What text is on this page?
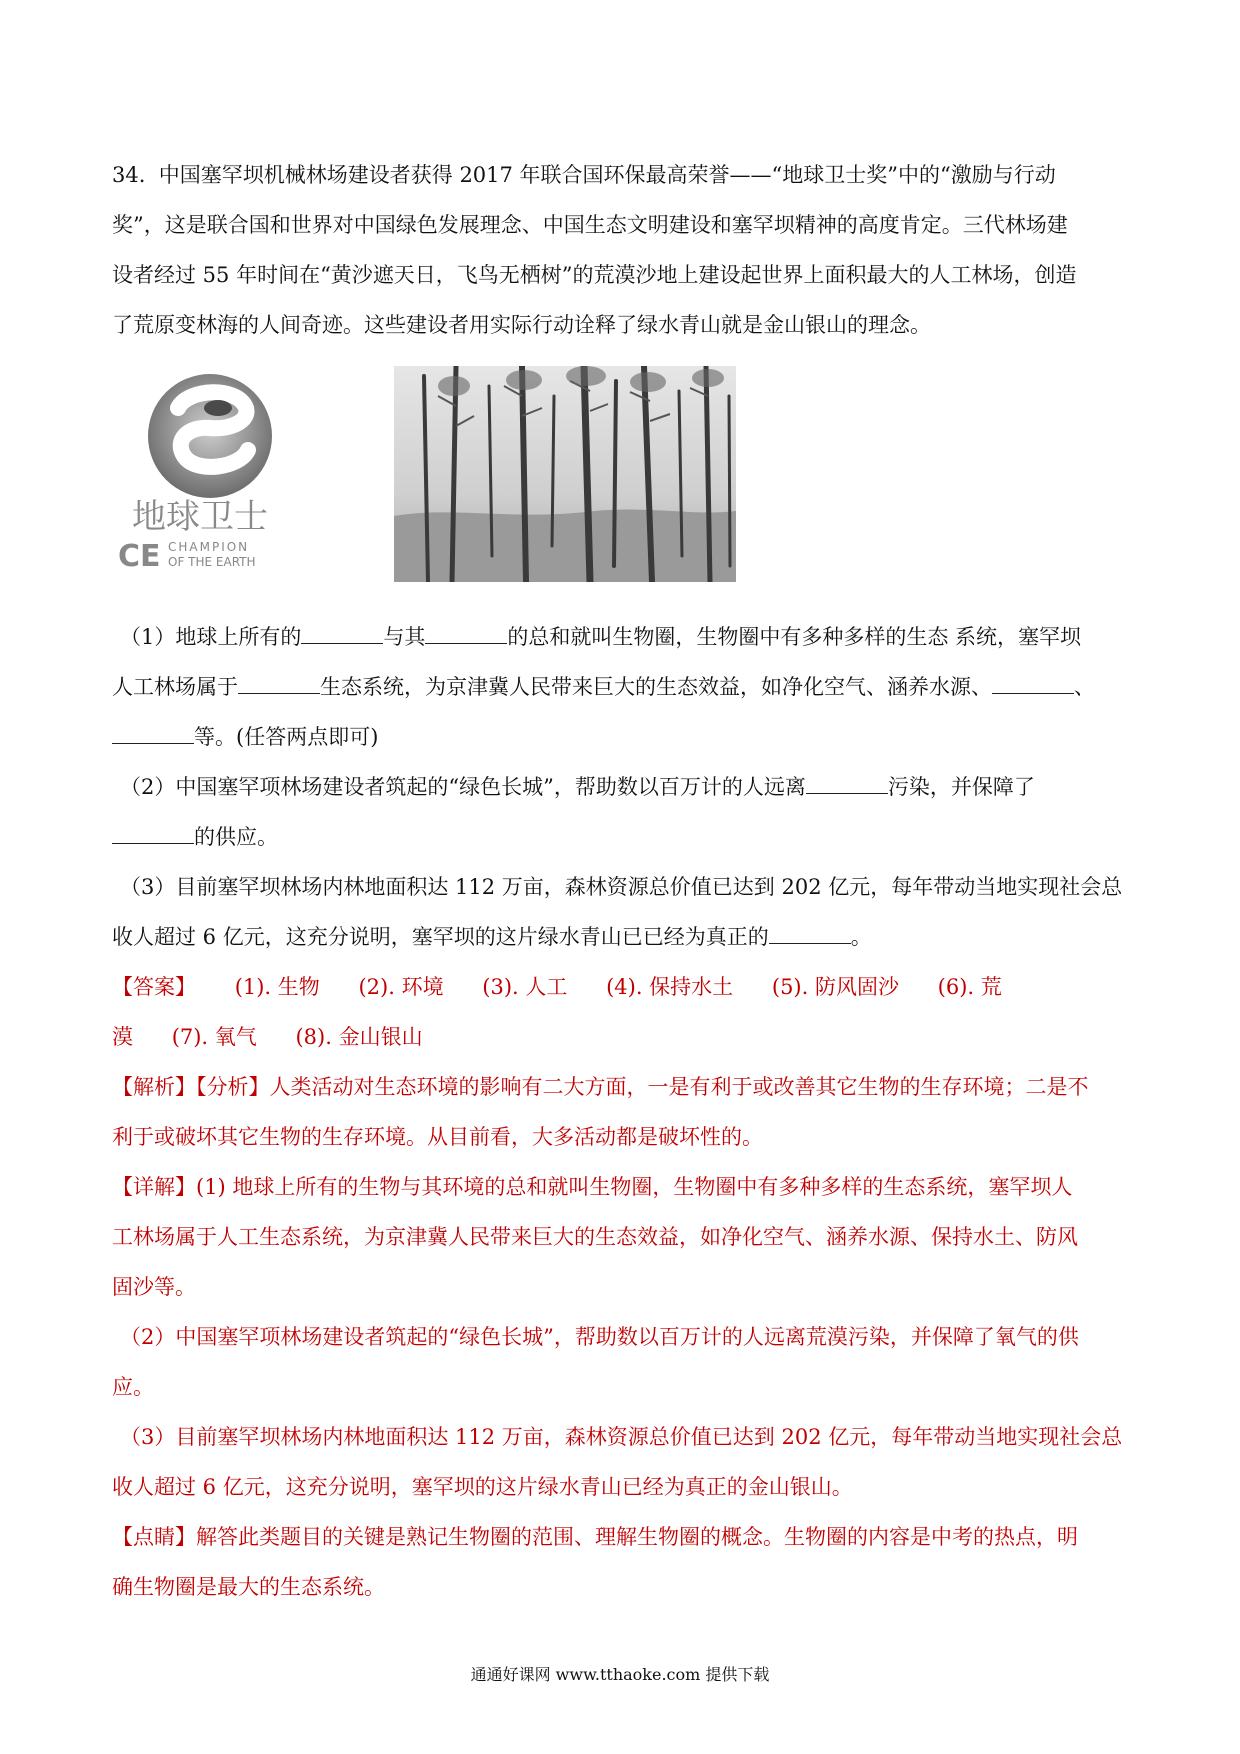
34. 中国塞罕坝机械林场建设者获得 2017 年联合国环保最高荣誉——“地球卫士奖”中的“激励与行动
奖”，这是联合国和世界对中国绿色发展理念、中国生态文明建设和塞罕坝精神的高度肯定。三代林场建
设者经过 55 年时间在“黄沙遮天日，飞鸟无栖树”的荒漠沙地上建设起世界上面积最大的人工林场，创造
了荒原变林海的人间奇迹。这些建设者用实际行动诠释了绿水青山就是金山银山的理念。
地球卫士
CE CHAMPION
OF THE EARTH
（1）地球上所有的	与其	的总和就叫生物圈，生物圈中有多种多样的生态 系统，塞罕坝
人工林场属于	生态系统，为京津冀人民带来巨大的生态效益，如净化空气、涵养水源、	、
等。(任答两点即可)
（2）中国塞罕项林场建设者筑起的“绿色长城”，帮助数以百万计的人远离	污染，并保障了
的供应。
（3）目前塞罕坝林场内林地面积达 112 万亩，森林资源总价值已达到 202 亿元，每年带动当地实现社会总
收人超过 6 亿元，这充分说明，塞罕坝的这片绿水青山已已经为真正的	。
【答案】 (1). 生物 (2). 环境 (3). 人工 (4). 保持水土 (5). 防风固沙 (6). 荒
漠 (7). 氧气 (8). 金山银山
【解析】【分析】人类活动对生态环境的影响有二大方面，一是有利于或改善其它生物的生存环境；二是不
利于或破坏其它生物的生存环境。从目前看，大多活动都是破坏性的。
【详解】(1) 地球上所有的生物与其环境的总和就叫生物圈，生物圈中有多种多样的生态系统，塞罕坝人
工林场属于人工生态系统，为京津冀人民带来巨大的生态效益，如净化空气、涵养水源、保持水土、防风
固沙等。
（2）中国塞罕项林场建设者筑起的“绿色长城”，帮助数以百万计的人远离荒漠污染，并保障了氧气的供
应。
（3）目前塞罕坝林场内林地面积达 112 万亩，森林资源总价值已达到 202 亿元，每年带动当地实现社会总
收人超过 6 亿元，这充分说明，塞罕坝的这片绿水青山已经为真正的金山银山。
【点睛】解答此类题目的关键是熟记生物圈的范围、理解生物圈的概念。生物圈的内容是中考的热点，明
确生物圈是最大的生态系统。
通通好课网 www.tthaoke.com 提供下载
